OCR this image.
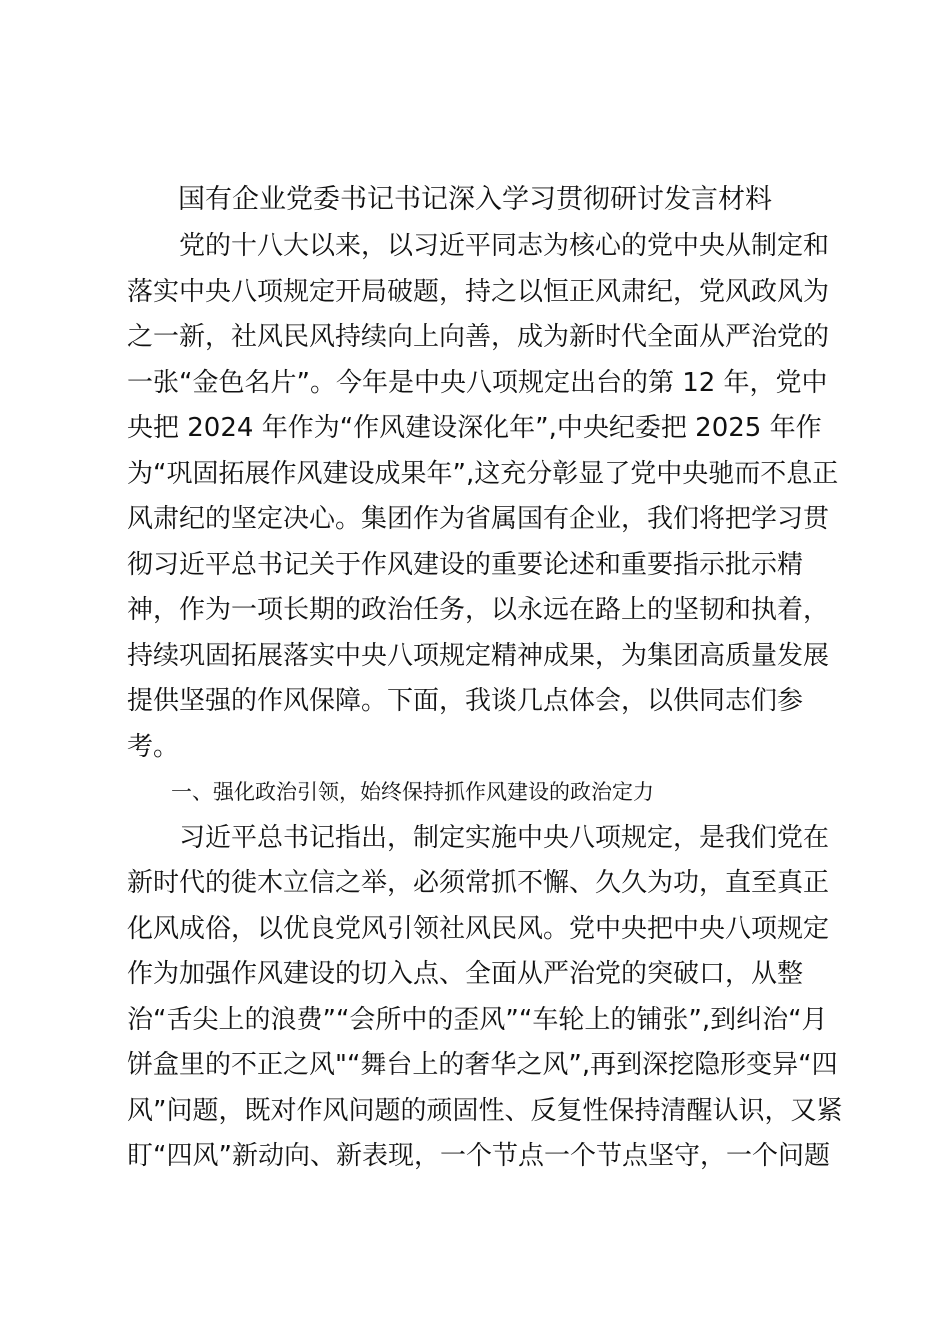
国有企业党委书记书记深入学习贯彻研讨发言材料
党的十八大以来，以习近平同志为核心的党中央从制定和
落实中央八项规定开局破题，持之以恒正风肃纪，党风政风为
之一新，社风民风持续向上向善，成为新时代全面从严治党的
一张“金色名片”。今年是中央八项规定出台的第 12 年，党中
央把 2024 年作为“作风建设深化年”,中央纪委把 2025 年作
为“巩固拓展作风建设成果年”,这充分彰显了党中央驰而不息正
风肃纪的坚定决心。集团作为省属国有企业，我们将把学习贯
彻习近平总书记关于作风建设的重要论述和重要指示批示精
神，作为一项长期的政治任务，以永远在路上的坚韧和执着，
持续巩固拓展落实中央八项规定精神成果，为集团高质量发展
提供坚强的作风保障。下面，我谈几点体会，以供同志们参
考。
一、强化政治引领，始终保持抓作风建设的政治定力
习近平总书记指出，制定实施中央八项规定，是我们党在
新时代的徙木立信之举，必须常抓不懈、久久为功，直至真正
化风成俗，以优良党风引领社风民风。党中央把中央八项规定
作为加强作风建设的切入点、全面从严治党的突破口，从整
治“舌尖上的浪费”“会所中的歪风”“车轮上的铺张”,到纠治“月
饼盒里的不正之风"“舞台上的奢华之风”,再到深挖隐形变异“四
风”问题，既对作风问题的顽固性、反复性保持清醒认识，又紧
盯“四风”新动向、新表现，一个节点一个节点坚守，一个问题
